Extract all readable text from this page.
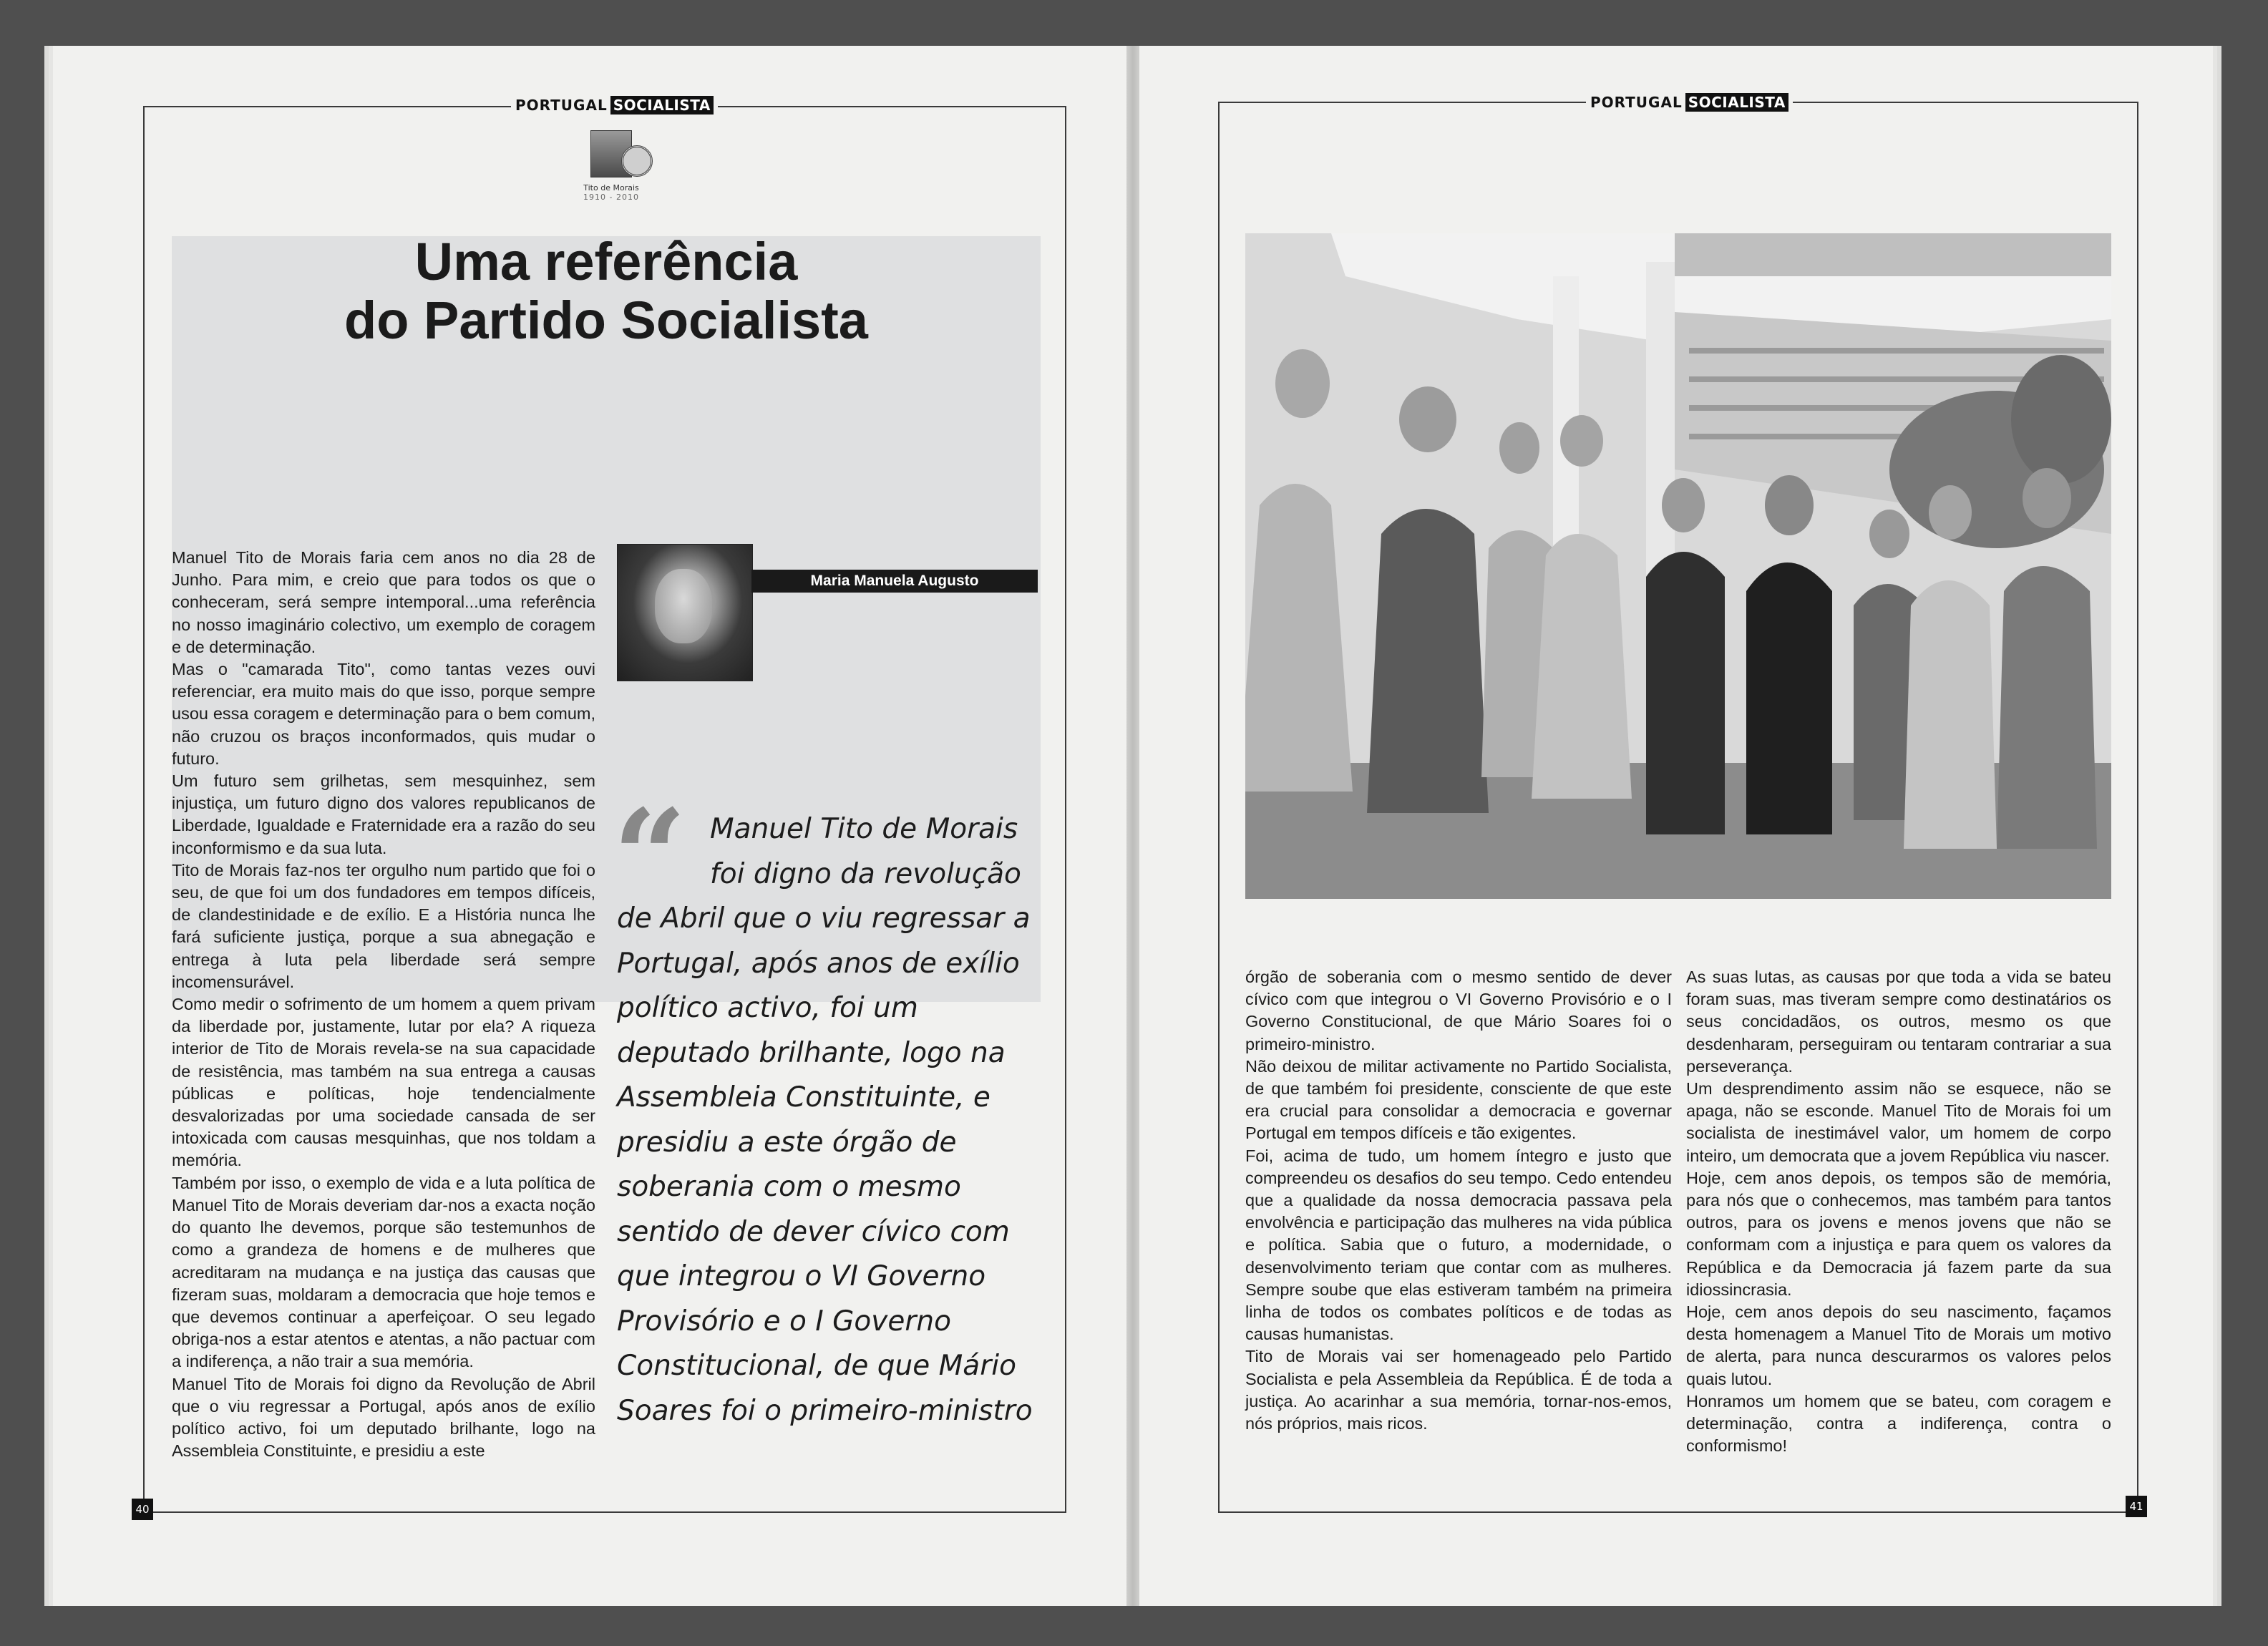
PORTUGAL SOCIALISTA
Tito de Morais
1910 - 2010
Uma referência
do Partido Socialista

Manuel Tito de Morais faria cem anos no dia 28 de Junho. Para mim, e creio que para todos os que o conheceram, será sempre intemporal...uma referência no nosso imaginário colectivo, um exemplo de coragem e de determinação.

Mas o "camarada Tito", como tantas vezes ouvi referenciar, era muito mais do que isso, porque sempre usou essa coragem e determinação para o bem comum, não cruzou os braços inconformados, quis mudar o futuro.

Um futuro sem grilhetas, sem mesquinhez, sem injustiça, um futuro digno dos valores republicanos de Liberdade, Igualdade e Fraternidade era a razão do seu inconformismo e da sua luta.

Tito de Morais faz-nos ter orgulho num partido que foi o seu, de que foi um dos fundadores em tempos difíceis, de clandestinidade e de exílio. E a História nunca lhe fará suficiente justiça, porque a sua abnegação e entrega à luta pela liberdade será sempre incomensurável.

Como medir o sofrimento de um homem a quem privam da liberdade por, justamente, lutar por ela? A riqueza interior de Tito de Morais revela-se na sua capacidade de resistência, mas também na sua entrega a causas públicas e políticas, hoje tendencialmente desvalorizadas por uma sociedade cansada de ser intoxicada com causas mesquinhas, que nos toldam a memória.

Também por isso, o exemplo de vida e a luta política de Manuel Tito de Morais deveriam dar-nos a exacta noção do quanto lhe devemos, porque são testemunhos de como a grandeza de homens e de mulheres que acreditaram na mudança e na justiça das causas que fizeram suas, moldaram a democracia que hoje temos e que devemos continuar a aperfeiçoar. O seu legado obriga-nos a estar atentos e atentas, a não pactuar com a indiferença, a não trair a sua memória.

Manuel Tito de Morais foi digno da Revolução de Abril que o viu regressar a Portugal, após anos de exílio político activo, foi um deputado brilhante, logo na Assembleia Constituinte, e presidiu a este

Maria Manuela Augusto
“ Manuel Tito de Morais
foi digno da revolução
de Abril que o viu regressar a Portugal, após anos de exílio político activo, foi um deputado brilhante, logo na Assembleia Constituinte, e presidiu a este órgão de soberania com o mesmo sentido de dever cívico com que integrou o VI Governo Provisório e o I Governo Constitucional, de que Mário Soares foi o primeiro-ministro
40
PORTUGAL SOCIALISTA

órgão de soberania com o mesmo sentido de dever cívico com que integrou o VI Governo Provisório e o I Governo Constitucional, de que Mário Soares foi o primeiro-ministro.

Não deixou de militar activamente no Partido Socialista, de que também foi presidente, consciente de que este era crucial para consolidar a democracia e governar Portugal em tempos difíceis e tão exigentes.

Foi, acima de tudo, um homem íntegro e justo que compreendeu os desafios do seu tempo. Cedo entendeu que a qualidade da nossa democracia passava pela envolvência e participação das mulheres na vida pública e política. Sabia que o futuro, a modernidade, o desenvolvimento teriam que contar com as mulheres. Sempre soube que elas estiveram também na primeira linha de todos os combates políticos e de todas as causas humanistas.

Tito de Morais vai ser homenageado pelo Partido Socialista e pela Assembleia da República. É de toda a justiça. Ao acarinhar a sua memória, tornar-nos-emos, nós próprios, mais ricos.

As suas lutas, as causas por que toda a vida se bateu foram suas, mas tiveram sempre como destinatários os seus concidadãos, os outros, mesmo os que desdenharam, perseguiram ou tentaram contrariar a sua perseverança.

Um desprendimento assim não se esquece, não se apaga, não se esconde. Manuel Tito de Morais foi um socialista de inestimável valor, um homem de corpo inteiro, um democrata que a jovem República viu nascer.

Hoje, cem anos depois, os tempos são de memória, para nós que o conhecemos, mas também para tantos outros, para os jovens e menos jovens que não se conformam com a injustiça e para quem os valores da República e da Democracia já fazem parte da sua idiossincrasia.

Hoje, cem anos depois do seu nascimento, façamos desta homenagem a Manuel Tito de Morais um motivo de alerta, para nunca descurarmos os valores pelos quais lutou.

Honramos um homem que se bateu, com coragem e determinação, contra a indiferença, contra o conformismo!

41
